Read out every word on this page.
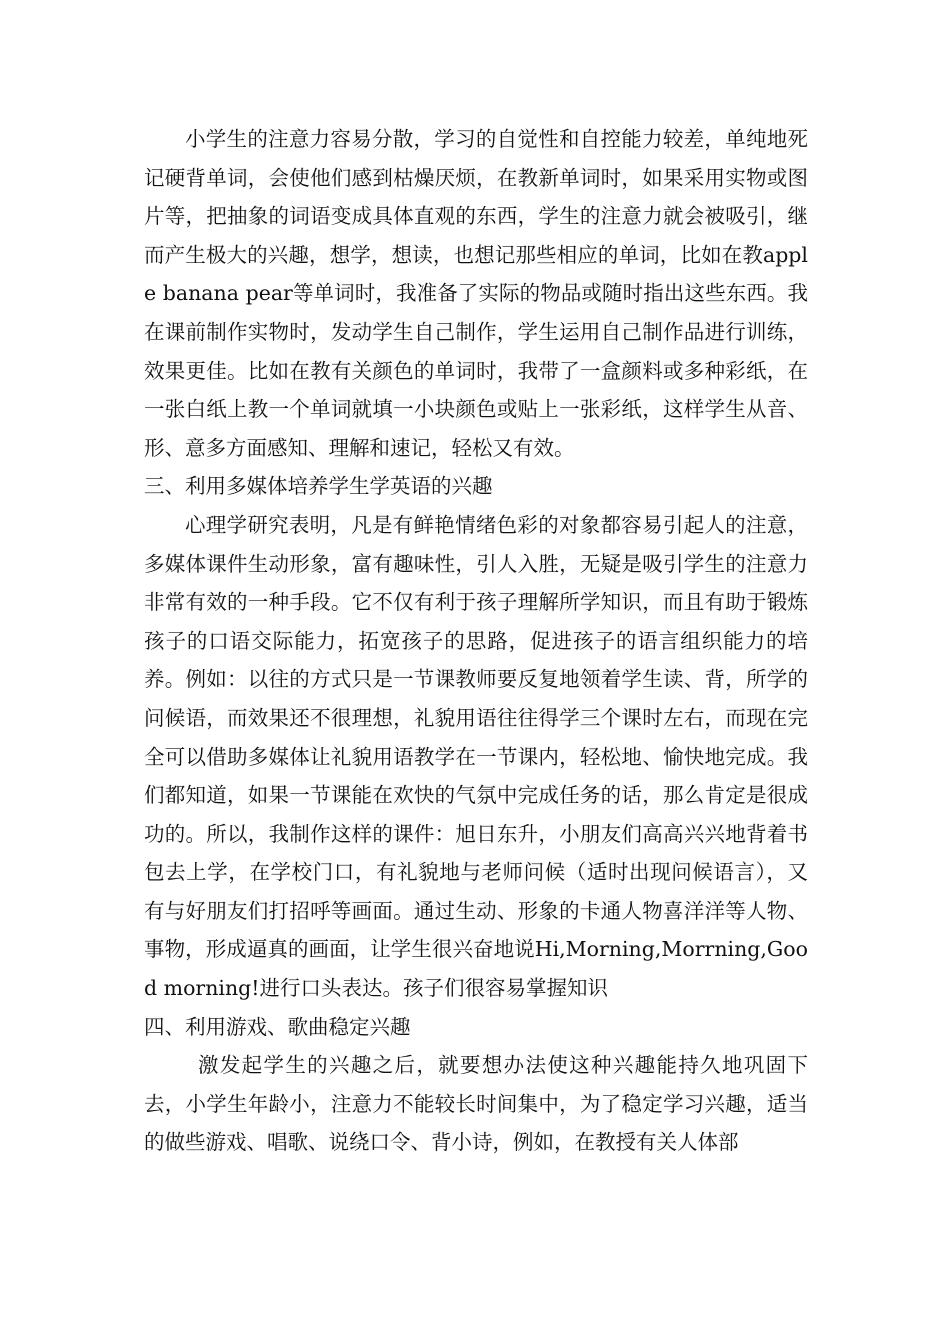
小学生的注意力容易分散，学习的自觉性和自控能力较差，单纯地死记硬背单词，会使他们感到枯燥厌烦，在教新单词时，如果采用实物或图片等，把抽象的词语变成具体直观的东西，学生的注意力就会被吸引，继而产生极大的兴趣，想学，想读，也想记那些相应的单词，比如在教apple banana pear等单词时，我准备了实际的物品或随时指出这些东西。我在课前制作实物时，发动学生自己制作，学生运用自己制作品进行训练，效果更佳。比如在教有关颜色的单词时，我带了一盒颜料或多种彩纸，在一张白纸上教一个单词就填一小块颜色或贴上一张彩纸，这样学生从音、形、意多方面感知、理解和速记，轻松又有效。

三、利用多媒体培养学生学英语的兴趣

心理学研究表明，凡是有鲜艳情绪色彩的对象都容易引起人的注意，多媒体课件生动形象，富有趣味性，引人入胜，无疑是吸引学生的注意力非常有效的一种手段。它不仅有利于孩子理解所学知识，而且有助于锻炼孩子的口语交际能力，拓宽孩子的思路，促进孩子的语言组织能力的培养。例如：以往的方式只是一节课教师要反复地领着学生读、背，所学的问候语，而效果还不很理想，礼貌用语往往得学三个课时左右，而现在完全可以借助多媒体让礼貌用语教学在一节课内，轻松地、愉快地完成。我们都知道，如果一节课能在欢快的气氛中完成任务的话，那么肯定是很成功的。所以，我制作这样的课件：旭日东升，小朋友们高高兴兴地背着书包去上学，在学校门口，有礼貌地与老师问候（适时出现问候语言），又有与好朋友们打招呼等画面。通过生动、形象的卡通人物喜洋洋等人物、事物，形成逼真的画面，让学生很兴奋地说Hi,Morning,Morrning,Good morning!进行口头表达。孩子们很容易掌握知识

四、利用游戏、歌曲稳定兴趣

激发起学生的兴趣之后，就要想办法使这种兴趣能持久地巩固下去，小学生年龄小，注意力不能较长时间集中，为了稳定学习兴趣，适当的做些游戏、唱歌、说绕口令、背小诗，例如，在教授有关人体部
